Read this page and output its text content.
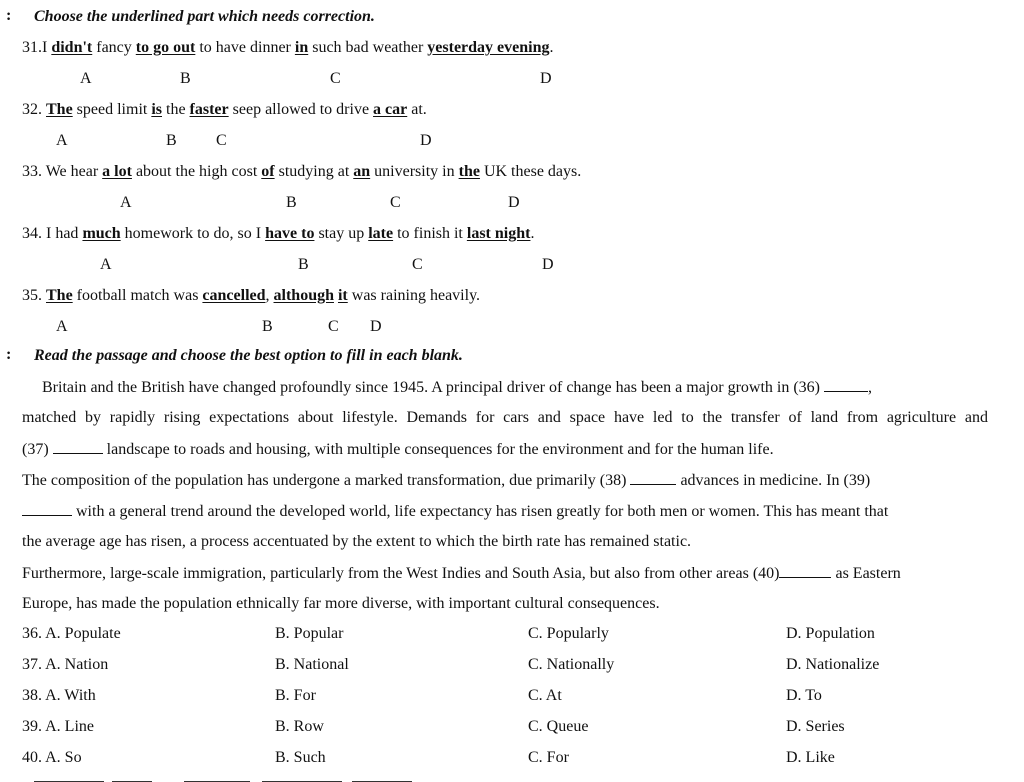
: Choose the underlined part which needs correction.
31.I didn't fancy to go out to have dinner in such bad weather yesterday evening.
A	B	C	D
32. The speed limit is the faster seep allowed to drive a car at.
A	B C	D
33. We hear a lot about the high cost of studying at an university in the UK these days.
A	B	C	D
34. I had much homework to do, so I have to stay up late to finish it last night.
A	B	C	D
35. The football match was cancelled, although it was raining heavily.
A	B	C D
: Read the passage and choose the best option to fill in each blank.
Britain and the British have changed profoundly since 1945. A principal driver of change has been a major growth in (36)	,
matched by rapidly rising expectations about lifestyle. Demands for cars and space have led to the transfer of land from agriculture and
(37)	landscape to roads and housing, with multiple consequences for the environment and for the human life.
The composition of the population has undergone a marked transformation, due primarily (38)	advances in medicine. In (39)
with a general trend around the developed world, life expectancy has risen greatly for both men or women. This has meant that
the average age has risen, a process accentuated by the extent to which the birth rate has remained static.
Furthermore, large-scale immigration, particularly from the West Indies and South Asia, but also from other areas (40)	as Eastern
Europe, has made the population ethnically far more diverse, with important cultural consequences.
36. A. Populate	B. Popular	C. Popularly	D. Population
37. A. Nation	B. National	C. Nationally	D. Nationalize
38. A. With	B. For	C. At	D. To
39. A. Line	B. Row	C. Queue	D. Series
40. A. So	B. Such	C. For	D. Like
